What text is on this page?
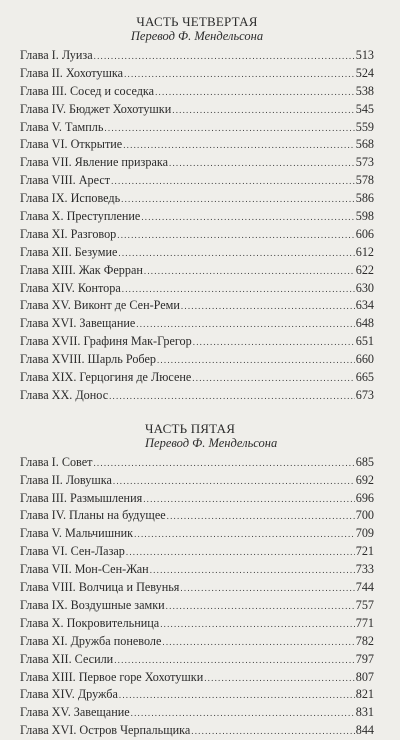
ЧАСТЬ ЧЕТВЕРТАЯ
Перевод Ф. Мендельсона
Глава I. Луиза .....	513
Глава II. Хохотушка .....	524
Глава III. Сосед и соседка .....	538
Глава IV. Бюджет Хохотушки .....	545
Глава V. Тампль .....	559
Глава VI. Открытие .....	568
Глава VII. Явление призрака .....	573
Глава VIII. Арест .....	578
Глава IX. Исповедь .....	586
Глава X. Преступление .....	598
Глава XI. Разговор .....	606
Глава XII. Безумие .....	612
Глава XIII. Жак Ферран .....	622
Глава XIV. Контора .....	630
Глава XV. Виконт де Сен-Реми .....	634
Глава XVI. Завещание .....	648
Глава XVII. Графиня Мак-Грегор .....	651
Глава XVIII. Шарль Робер .....	660
Глава XIX. Герцогиня де Люсене .....	665
Глава XX. Донос .....	673
ЧАСТЬ ПЯТАЯ
Перевод Ф. Мендельсона
Глава I. Совет .....	685
Глава II. Ловушка .....	692
Глава III. Размышления .....	696
Глава IV. Планы на будущее .....	700
Глава V. Мальчишник .....	709
Глава VI. Сен-Лазар .....	721
Глава VII. Мон-Сен-Жан .....	733
Глава VIII. Волчица и Певунья .....	744
Глава IX. Воздушные замки .....	757
Глава X. Покровительница .....	771
Глава XI. Дружба поневоле .....	782
Глава XII. Сесили .....	797
Глава XIII. Первое горе Хохотушки .....	807
Глава XIV. Дружба .....	821
Глава XV. Завещание .....	831
Глава XVI. Остров Черпальщика .....	844
